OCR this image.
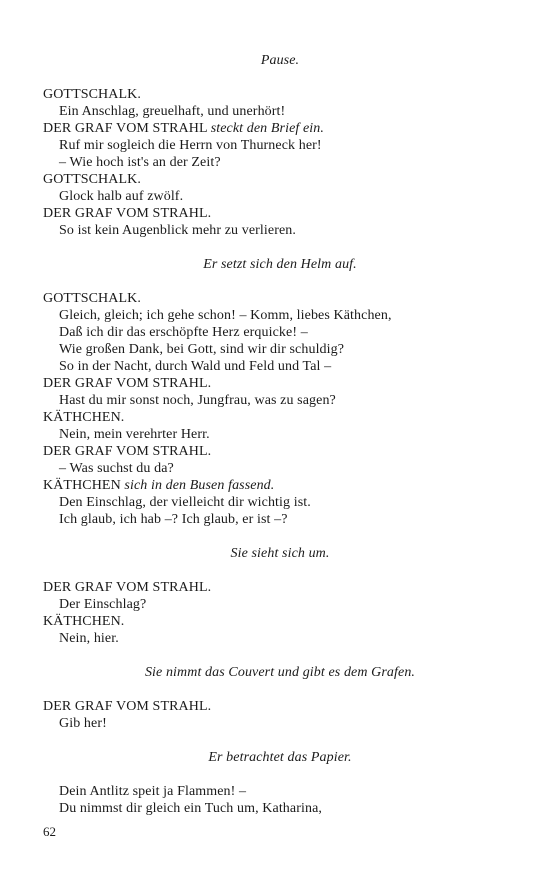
Pause.
GOTTSCHALK.
Ein Anschlag, greuelhaft, und unerhört!
DER GRAF VOM STRAHL steckt den Brief ein.
Ruf mir sogleich die Herrn von Thurneck her!
– Wie hoch ist's an der Zeit?
GOTTSCHALK.
Glock halb auf zwölf.
DER GRAF VOM STRAHL.
So ist kein Augenblick mehr zu verlieren.
Er setzt sich den Helm auf.
GOTTSCHALK.
Gleich, gleich; ich gehe schon! – Komm, liebes Käthchen,
Daß ich dir das erschöpfte Herz erquicke! –
Wie großen Dank, bei Gott, sind wir dir schuldig?
So in der Nacht, durch Wald und Feld und Tal –
DER GRAF VOM STRAHL.
Hast du mir sonst noch, Jungfrau, was zu sagen?
KÄTHCHEN.
Nein, mein verehrter Herr.
DER GRAF VOM STRAHL.
– Was suchst du da?
KÄTHCHEN sich in den Busen fassend.
Den Einschlag, der vielleicht dir wichtig ist.
Ich glaub, ich hab –? Ich glaub, er ist –?
Sie sieht sich um.
DER GRAF VOM STRAHL.
Der Einschlag?
KÄTHCHEN.
Nein, hier.
Sie nimmt das Couvert und gibt es dem Grafen.
DER GRAF VOM STRAHL.
Gib her!
Er betrachtet das Papier.
Dein Antlitz speit ja Flammen! –
Du nimmst dir gleich ein Tuch um, Katharina,
62
